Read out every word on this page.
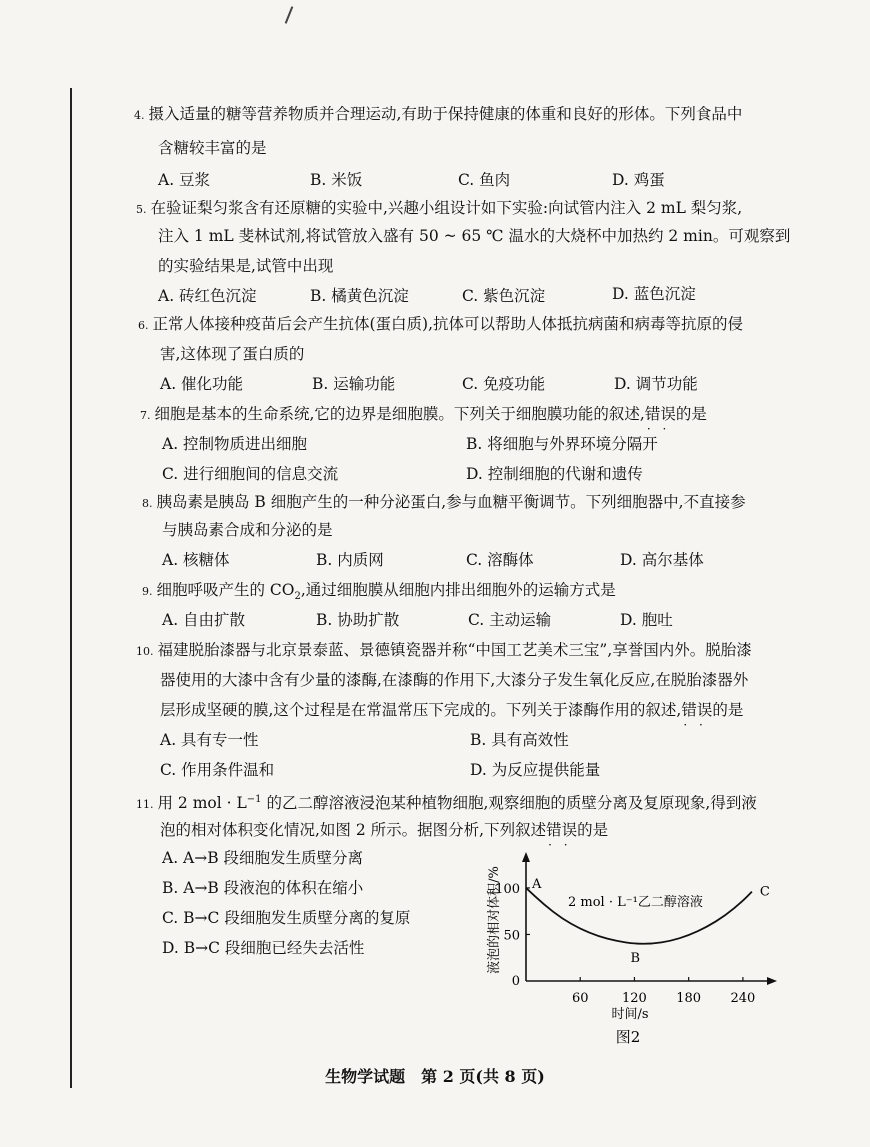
4. 摄入适量的糖等营养物质并合理运动,有助于保持健康的体重和良好的形体。下列食品中
含糖较丰富的是
A. 豆浆	B. 米饭	C. 鱼肉	D. 鸡蛋
5. 在验证梨匀浆含有还原糖的实验中,兴趣小组设计如下实验:向试管内注入 2 mL 梨匀浆,
注入 1 mL 斐林试剂,将试管放入盛有 50 ~ 65 ℃ 温水的大烧杯中加热约 2 min。可观察到
的实验结果是,试管中出现
A. 砖红色沉淀	B. 橘黄色沉淀	C. 紫色沉淀	D. 蓝色沉淀
6. 正常人体接种疫苗后会产生抗体(蛋白质),抗体可以帮助人体抵抗病菌和病毒等抗原的侵
害,这体现了蛋白质的
A. 催化功能	B. 运输功能	C. 免疫功能	D. 调节功能
7. 细胞是基本的生命系统,它的边界是细胞膜。下列关于细胞膜功能的叙述,错误 · ·的是
A. 控制物质进出细胞	B. 将细胞与外界环境分隔开
C. 进行细胞间的信息交流	D. 控制细胞的代谢和遗传
8. 胰岛素是胰岛 B 细胞产生的一种分泌蛋白,参与血糖平衡调节。下列细胞器中,不直接参
与胰岛素合成和分泌的是
A. 核糖体	B. 内质网	C. 溶酶体	D. 高尔基体
9. 细胞呼吸产生的 $CO_2$,通过细胞膜从细胞内排出细胞外的运输方式是
A. 自由扩散	B. 协助扩散	C. 主动运输	D. 胞吐
10. 福建脱胎漆器与北京景泰蓝、景德镇瓷器并称“中国工艺美术三宝”,享誉国内外。脱胎漆
器使用的大漆中含有少量的漆酶,在漆酶的作用下,大漆分子发生氧化反应,在脱胎漆器外
层形成坚硬的膜,这个过程是在常温常压下完成的。下列关于漆酶作用的叙述,错误 · ·的是
A. 具有专一性	B. 具有高效性
C. 作用条件温和	D. 为反应提供能量
11. 用 2 mol · $L^{-1}$ 的乙二醇溶液浸泡某种植物细胞,观察细胞的质壁分离及复原现象,得到液
泡的相对体积变化情况,如图 2 所示。据图分析,下列叙述错误 · ·的是
A. A→B 段细胞发生质壁分离
B. A→B 段液泡的体积在缩小
C. B→C 段细胞发生质壁分离的复原
D. B→C 段细胞已经失去活性	液泡的相对体积/%
0
100
50
60	120 180 240
A
B
C
2 mol · L⁻¹乙二醇溶液
时间/s
图2
生物学试题　第 2 页(共 8 页)
